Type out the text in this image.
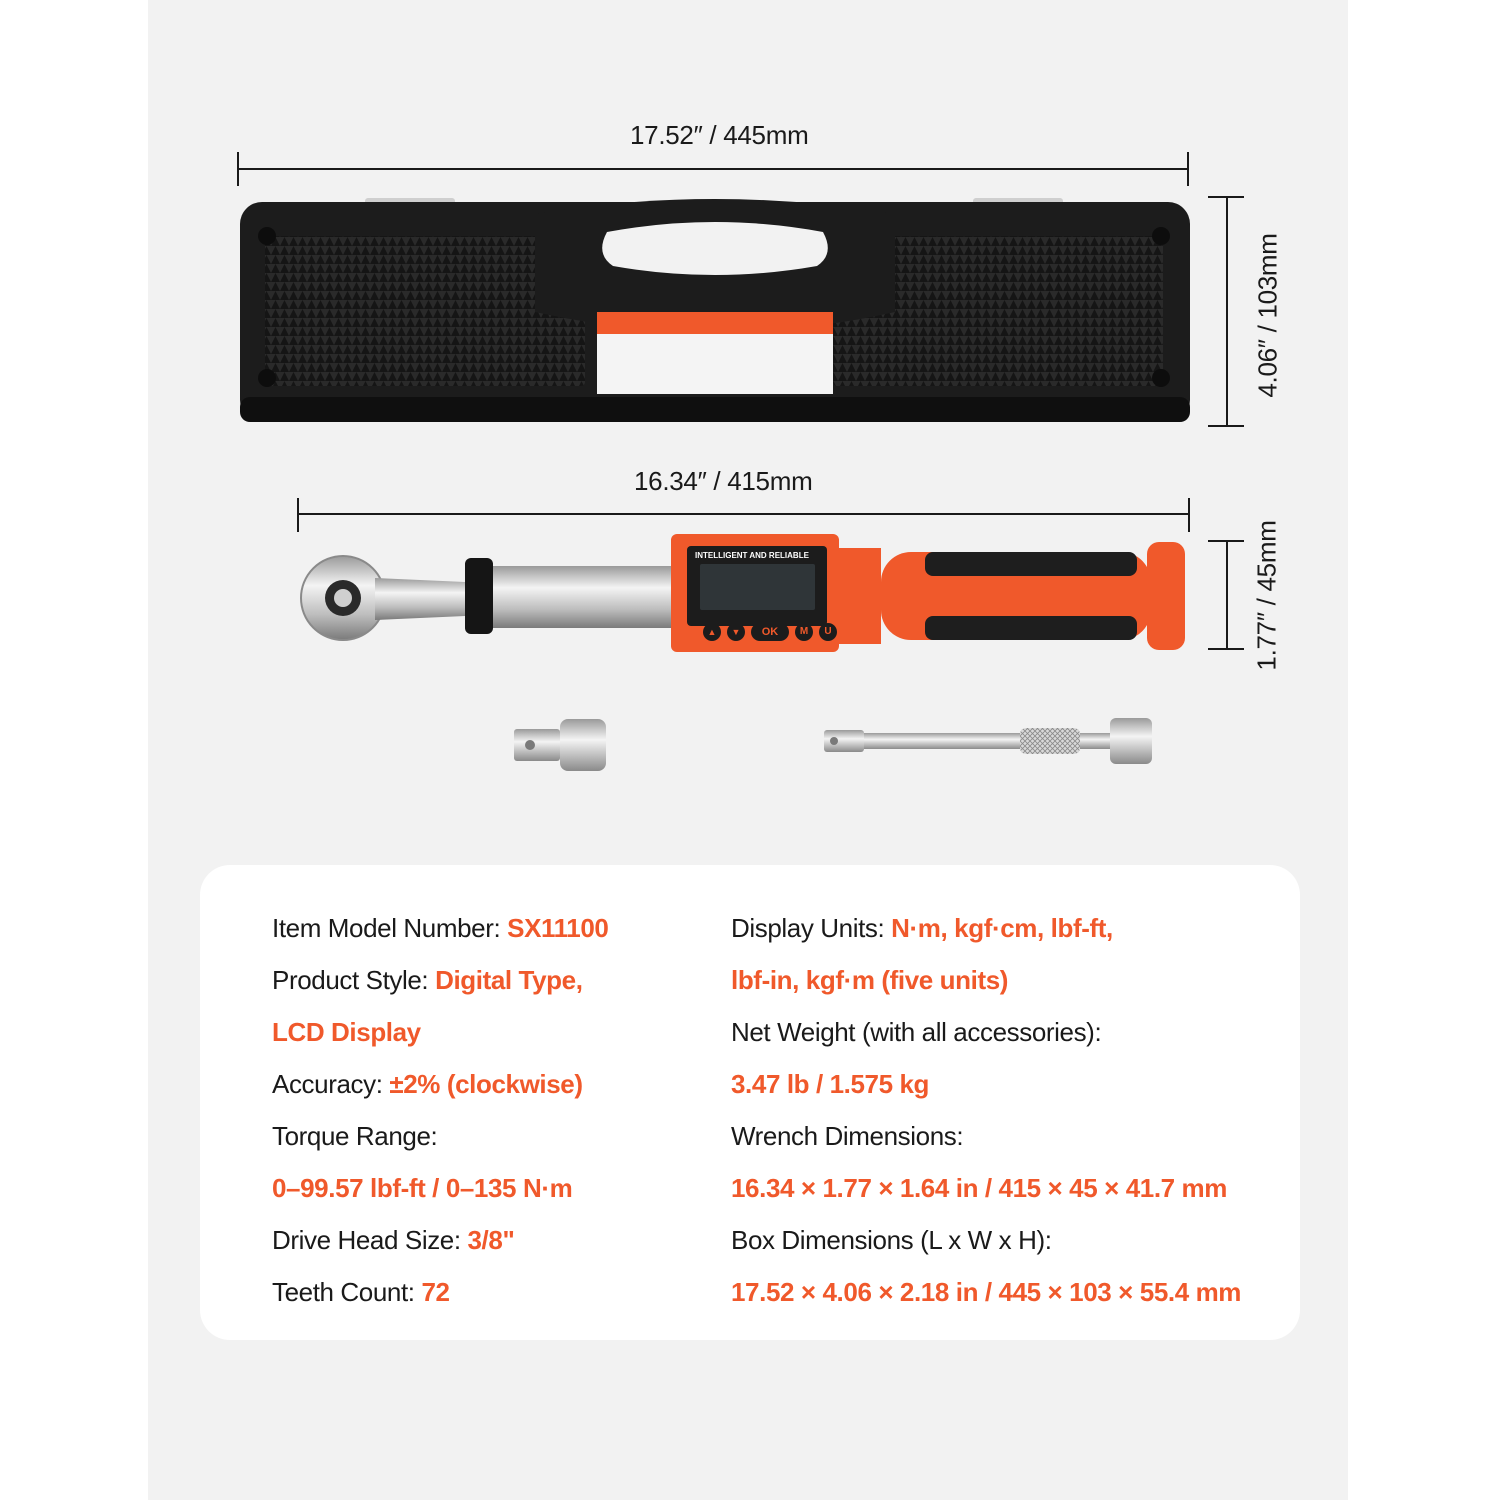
17.52″ / 445mm
4.06″ / 103mm
16.34″ / 415mm
1.77″ / 45mm
INTELLIGENT AND RELIABLE
▲	▼	OK	M	U
Item Model Number: SX11100
Product Style: Digital Type,
LCD Display
Accuracy: ±2% (clockwise)
Torque Range:
0–99.57 lbf-ft / 0–135 N·m
Drive Head Size: 3/8"
Teeth Count: 72
Display Units: N·m, kgf·cm, lbf-ft,
lbf-in, kgf·m (five units)
Net Weight (with all accessories):
3.47 lb / 1.575 kg
Wrench Dimensions:
16.34 × 1.77 × 1.64 in / 415 × 45 × 41.7 mm
Box Dimensions (L x W x H):
17.52 × 4.06 × 2.18 in / 445 × 103 × 55.4 mm
